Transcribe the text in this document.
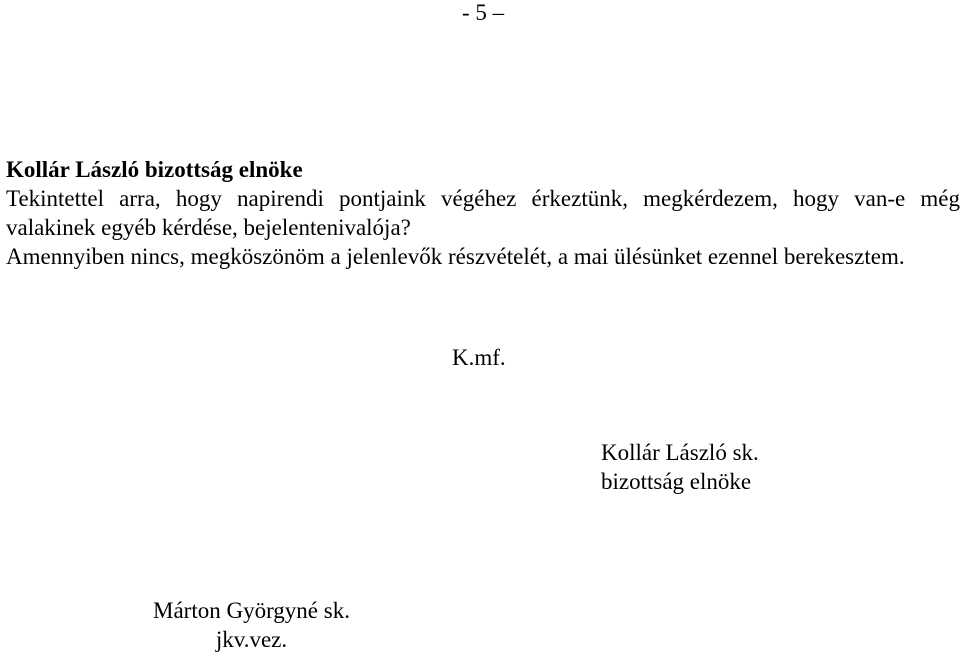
- 5 –

Kollár László bizottság elnöke

Tekintettel arra, hogy napirendi pontjaink végéhez érkeztünk, megkérdezem, hogy van-e még valakinek egyéb kérdése, bejelentenivalója?

Amennyiben nincs, megköszönöm a jelenlevők részvételét, a mai ülésünket ezennel berekesztem.

K.mf.
Kollár László sk.
bizottság elnöke
Márton Györgyné sk.
jkv.vez.
